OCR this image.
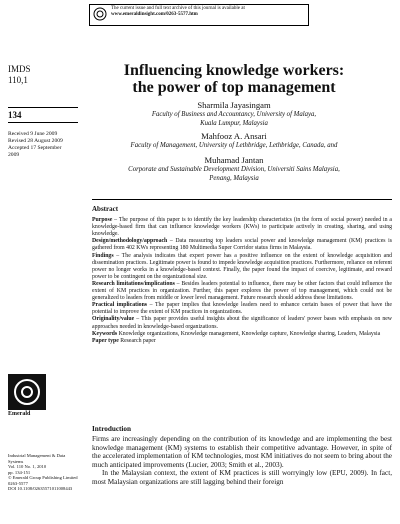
The current issue and full text archive of this journal is available at
www.emeraldinsight.com/0263-5577.htm
IMDS
110,1
Influencing knowledge workers:
the power of top management
134
Sharmila Jayasingam
Faculty of Business and Accountancy, University of Malaya,
Kuala Lumpur, Malaysia
Mahfooz A. Ansari
Faculty of Management, University of Lethbridge, Lethbridge, Canada, and
Muhamad Jantan
Corporate and Sustainable Development Division, Universiti Sains Malaysia,
Penang, Malaysia
Received 9 June 2009
Revised 28 August 2009
Accepted 17 September
2009

Abstract

Purpose – The purpose of this paper is to identify the key leadership characteristics (in the form of social power) needed in a knowledge-based firm that can influence knowledge workers (KWs) to participate actively in creating, sharing, and using knowledge.

Design/methodology/approach – Data measuring top leaders social power and knowledge management (KM) practices is gathered from 402 KWs representing 180 Multimedia Super Corridor status firms in Malaysia.

Findings – The analysis indicates that expert power has a positive influence on the extent of knowledge acquisition and dissemination practices. Legitimate power is found to impede knowledge acquisition practices. Furthermore, reliance on referent power no longer works in a knowledge-based context. Finally, the paper found the impact of coercive, legitimate, and reward power to be contingent on the organizational size.

Research limitations/implications – Besides leaders potential to influence, there may be other factors that could influence the extent of KM practices in organization. Further, this paper explores the power of top management, which could not be generalized to leaders from middle or lower level management. Future research should address these limitations.

Practical implications – The paper implies that knowledge leaders need to enhance certain bases of power that have the potential to improve the extent of KM practices in organizations.

Originality/value – This paper provides useful insights about the significance of leaders' power bases with emphasis on new approaches needed in knowledge-based organizations.

Keywords Knowledge organizations, Knowledge management, Knowledge capture, Knowledge sharing, Leaders, Malaysia

Paper type Research paper

Emerald
Industrial Management & Data
Systems
Vol. 110 No. 1, 2010
pp. 134-151
© Emerald Group Publishing Limited
0263-5577
DOI 10.1108/02635571011008443
Introduction

Firms are increasingly depending on the contribution of its knowledge and are implementing the best knowledge management (KM) systems to establish their competitive advantage. However, in spite of the accelerated implementation of KM technologies, most KM initiatives do not seem to bring about the much anticipated improvements (Lucier, 2003; Smith et al., 2003).

In the Malaysian context, the extent of KM practices is still worryingly low (EPU, 2009). In fact, most Malaysian organizations are still lagging behind their foreign
